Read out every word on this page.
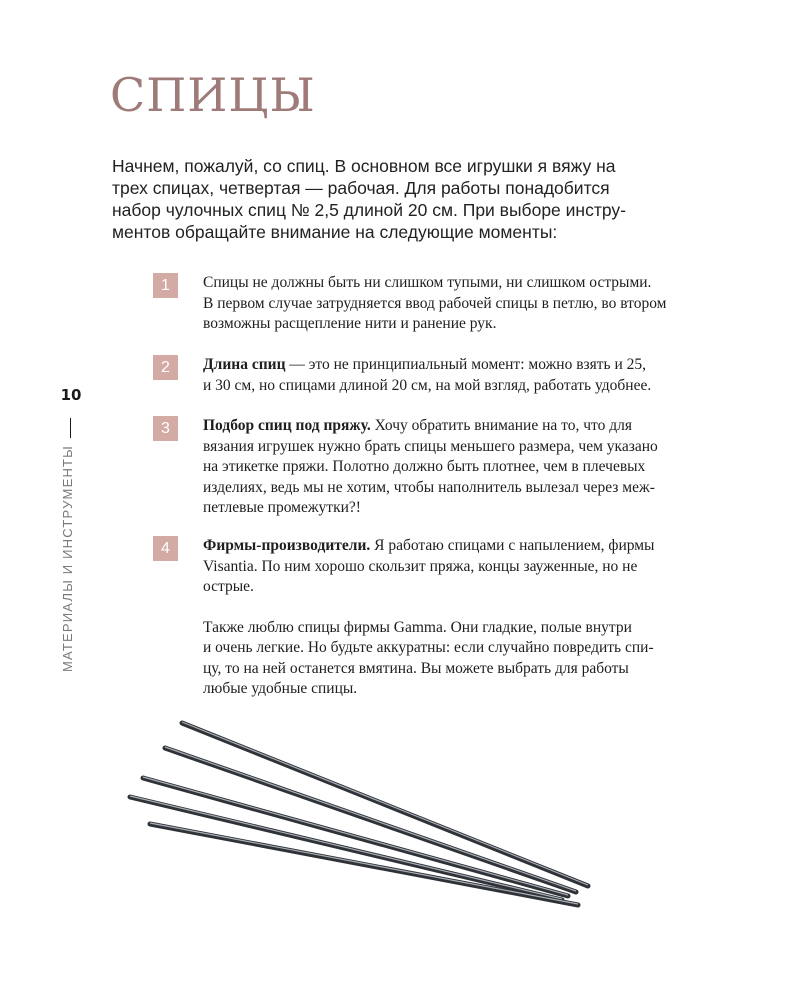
СПИЦЫ
Начнем, пожалуй, со спиц. В основном все игрушки я вяжу на
трех спицах, четвертая — рабочая. Для работы понадобится
набор чулочных спиц № 2,5 длиной 20 см. При выборе инстру-
ментов обращайте внимание на следующие моменты:
10
МАТЕРИАЛЫ И ИНСТРУМЕНТЫ
1	Спицы не должны быть ни слишком тупыми, ни слишком острыми.
В первом случае затрудняется ввод рабочей спицы в петлю, во втором
возможны расщепление нити и ранение рук.
2	Длина спиц — это не принципиальный момент: можно взять и 25,
и 30 см, но спицами длиной 20 см, на мой взгляд, работать удобнее.
3	Подбор спиц под пряжу. Хочу обратить внимание на то, что для
вязания игрушек нужно брать спицы меньшего размера, чем указано
на этикетке пряжи. Полотно должно быть плотнее, чем в плечевых
изделиях, ведь мы не хотим, чтобы наполнитель вылезал через меж-
петлевые промежутки?!
4	Фирмы-производители. Я работаю спицами с напылением, фирмы
Visantia. По ним хорошо скользит пряжа, концы зауженные, но не
острые.
Также люблю спицы фирмы Gamma. Они гладкие, полые внутри
и очень легкие. Но будьте аккуратны: если случайно повредить спи-
цу, то на ней останется вмятина. Вы можете выбрать для работы
любые удобные спицы.
